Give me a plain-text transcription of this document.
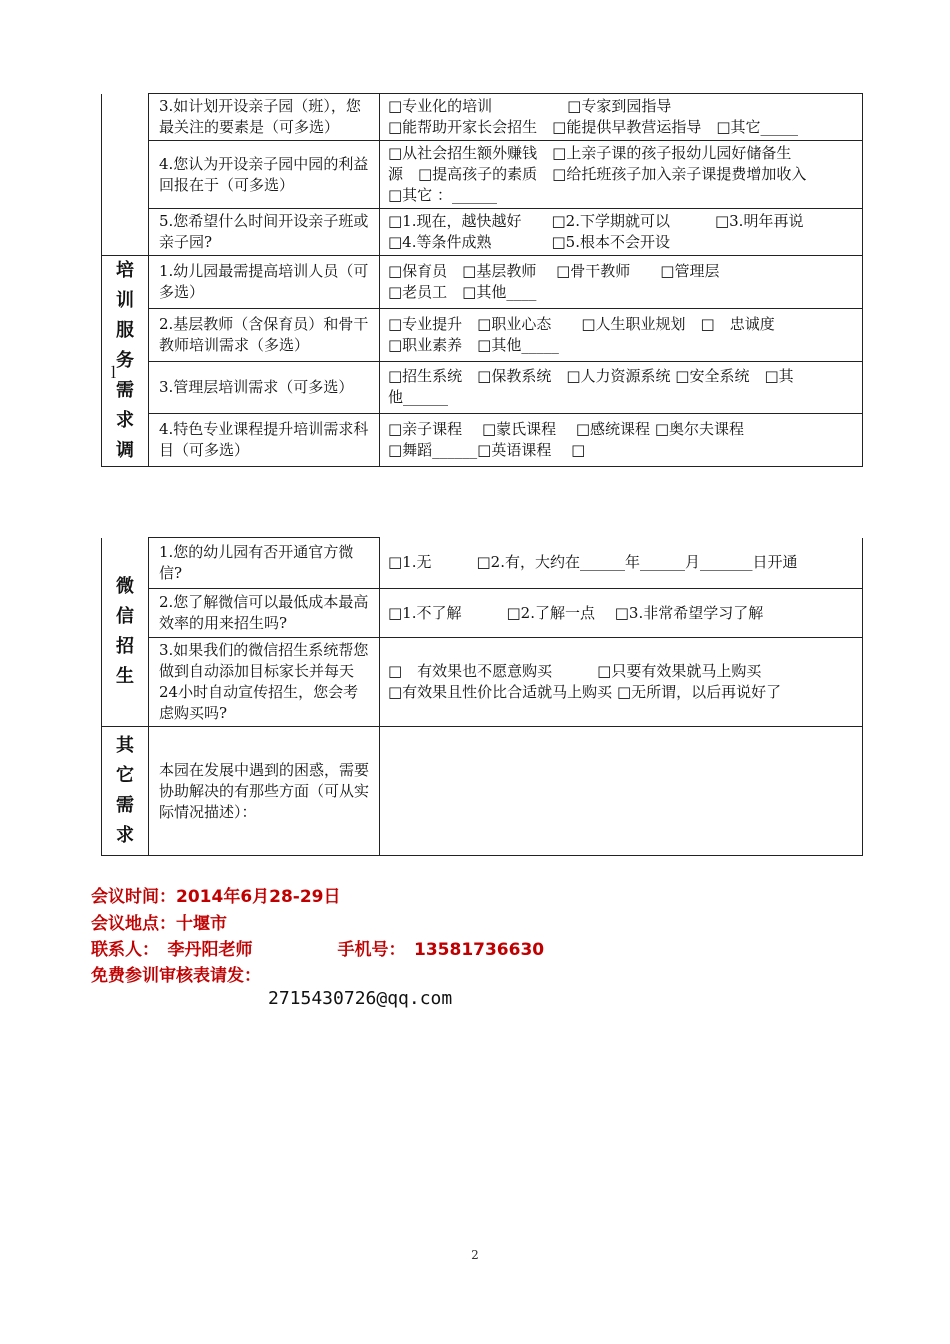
	3.如计划开设亲子园（班），您最关注的要素是（可多选）	□专业化的培训　　　　　□专家到园指导
□能帮助开家长会招生　□能提供早教营运指导　□其它_____

	4.您认为开设亲子园中园的利益回报在于（可多选）	□从社会招生额外赚钱　□上亲子课的孩子报幼儿园好储备生
源　□提高孩子的素质　□给托班孩子加入亲子课提费增加收入
□其它 ：______

	5.您希望什么时间开设亲子班或亲子园?	□1.现在，越快越好　　□2.下学期就可以　　　□3.明年再说
□4.等条件成熟　　　　□5.根本不会开设

培训服务需求调	1.幼儿园最需提高培训人员（可多选）	□保育员　□基层教师　 □骨干教师　　□管理层
□老员工　□其他____

	2.基层教师（含保育员）和骨干教师培训需求（多选）	□专业提升　□职业心态　　□人生职业规划　□　忠诚度
□职业素养　□其他_____

	3.管理层培训需求（可多选）	□招生系统　□保教系统　□人力资源系统 □安全系统　□其
他______

	4.特色专业课程提升培训需求科目（可多选）	□亲子课程　 □蒙氏课程　 □感统课程 □奥尔夫课程
□舞蹈______□英语课程　 □
ｌ
微信招生	1.您的幼儿园有否开通官方微信?	□1.无　　　□2.有，大约在______年______月_______日开通

	2.您了解微信可以最低成本最高效率的用来招生吗?	□1.不了解　　　□2.了解一点　 □3.非常希望学习了解

	3.如果我们的微信招生系统帮您做到自动添加目标家长并每天24小时自动宣传招生，您会考虑购买吗?	□　有效果也不愿意购买　　　□只要有效果就马上购买
□有效果且性价比合适就马上购买 □无所谓，以后再说好了

其它需求	本园在发展中遇到的困惑，需要协助解决的有那些方面（可从实际情况描述）：	
会议时间：2014年6月28-29日
会议地点：十堰市
联系人：　李丹阳老师　　　　　手机号：　13581736630
免费参训审核表请发：
2715430726@qq.com
2
